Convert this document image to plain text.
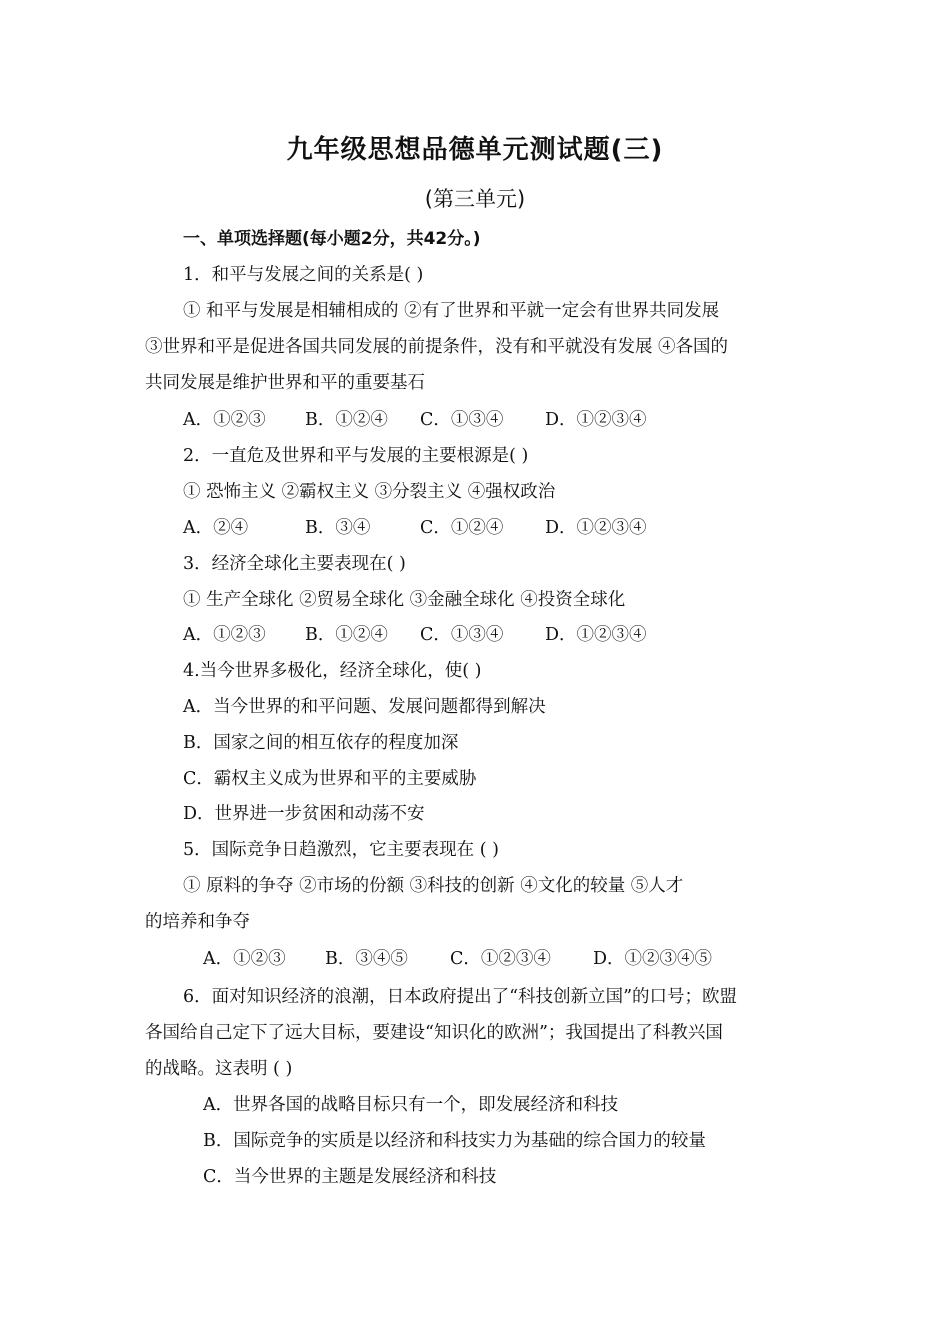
九年级思想品德单元测试题(三)
(第三单元)
一、单项选择题(每小题2分，共42分。)
1．和平与发展之间的关系是( )
① 和平与发展是相辅相成的 ②有了世界和平就一定会有世界共同发展
③世界和平是促进各国共同发展的前提条件，没有和平就没有发展 ④各国的
共同发展是维护世界和平的重要基石
A．①②③ B．①②④ C．①③④ D．①②③④
2．一直危及世界和平与发展的主要根源是( )
① 恐怖主义 ②霸权主义 ③分裂主义 ④强权政治
A．②④	B．③④	C．①②④ D．①②③④
3．经济全球化主要表现在( )
① 生产全球化 ②贸易全球化 ③金融全球化 ④投资全球化
A．①②③ B．①②④ C．①③④ D．①②③④
4.当今世界多极化，经济全球化，使( )
A．当今世界的和平问题、发展问题都得到解决
B．国家之间的相互依存的程度加深
C．霸权主义成为世界和平的主要威胁
D．世界进一步贫困和动荡不安
5．国际竞争日趋激烈，它主要表现在 ( )
① 原料的争夺 ②市场的份额 ③科技的创新 ④文化的较量 ⑤人才
的培养和争夺
A．①②③ B．③④⑤ C．①②③④ D．①②③④⑤
6．面对知识经济的浪潮，日本政府提出了“科技创新立国”的口号；欧盟
各国给自己定下了远大目标，要建设“知识化的欧洲”；我国提出了科教兴国
的战略。这表明 ( )
A．世界各国的战略目标只有一个，即发展经济和科技
B．国际竞争的实质是以经济和科技实力为基础的综合国力的较量
C．当今世界的主题是发展经济和科技
